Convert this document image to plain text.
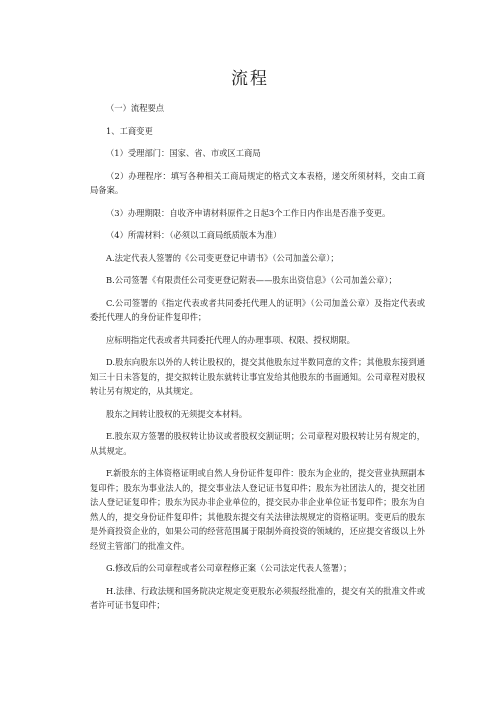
流程

（一）流程要点

1、工商变更

（1）受理部门：国家、省、市或区工商局

（2）办理程序：填写各种相关工商局规定的格式文本表格，递交所须材料，交由工商局备案。

（3）办理期限：自收齐申请材料原件之日起3个工作日内作出是否准予变更。

（4）所需材料：（必须以工商局纸质版本为准）

A.法定代表人签署的《公司变更登记申请书》（公司加盖公章）；

B.公司签署《有限责任公司变更登记附表——股东出资信息》（公司加盖公章）；

C.公司签署的《指定代表或者共同委托代理人的证明》（公司加盖公章）及指定代表或委托代理人的身份证件复印件；

应标明指定代表或者共同委托代理人的办理事项、权限、授权期限。

D.股东向股东以外的人转让股权的，提交其他股东过半数同意的文件；其他股东接到通知三十日未答复的，提交拟转让股东就转让事宜发给其他股东的书面通知。公司章程对股权转让另有规定的，从其规定。

股东之间转让股权的无须提交本材料。

E.股东双方签署的股权转让协议或者股权交割证明；公司章程对股权转让另有规定的，从其规定。

F.新股东的主体资格证明或自然人身份证件复印件：股东为企业的，提交营业执照副本复印件；股东为事业法人的，提交事业法人登记证书复印件；股东为社团法人的，提交社团法人登记证复印件；股东为民办非企业单位的，提交民办非企业单位证书复印件；股东为自然人的，提交身份证件复印件；其他股东提交有关法律法规规定的资格证明。变更后的股东是外商投资企业的，如果公司的经营范围属于限制外商投资的领域的，还应提交省级以上外经贸主管部门的批准文件。

G.修改后的公司章程或者公司章程修正案（公司法定代表人签署）；

H.法律、行政法规和国务院决定规定变更股东必须报经批准的，提交有关的批准文件或者许可证书复印件；
